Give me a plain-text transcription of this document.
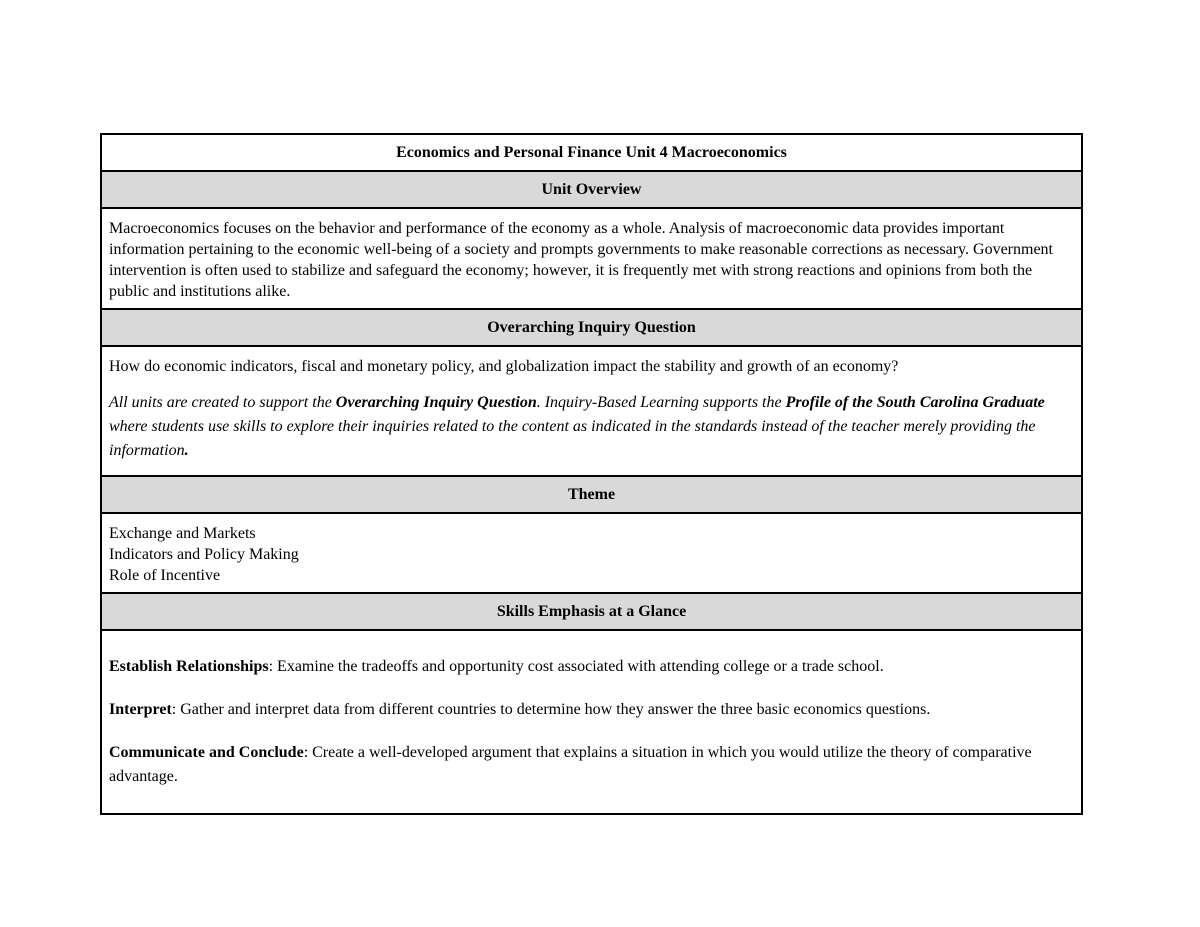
Economics and Personal Finance Unit 4 Macroeconomics
Unit Overview

Macroeconomics focuses on the behavior and performance of the economy as a whole. Analysis of macroeconomic data provides important information pertaining to the economic well-being of a society and prompts governments to make reasonable corrections as necessary. Government intervention is often used to stabilize and safeguard the economy; however, it is frequently met with strong reactions and opinions from both the public and institutions alike.

Overarching Inquiry Question

How do economic indicators, fiscal and monetary policy, and globalization impact the stability and growth of an economy?

All units are created to support the Overarching Inquiry Question. Inquiry-Based Learning supports the Profile of the South Carolina Graduate where students use skills to explore their inquiries related to the content as indicated in the standards instead of the teacher merely providing the information.

Theme

Exchange and Markets

Indicators and Policy Making

Role of Incentive

Skills Emphasis at a Glance

Establish Relationships: Examine the tradeoffs and opportunity cost associated with attending college or a trade school.

Interpret: Gather and interpret data from different countries to determine how they answer the three basic economics questions.

Communicate and Conclude: Create a well-developed argument that explains a situation in which you would utilize the theory of comparative advantage.
